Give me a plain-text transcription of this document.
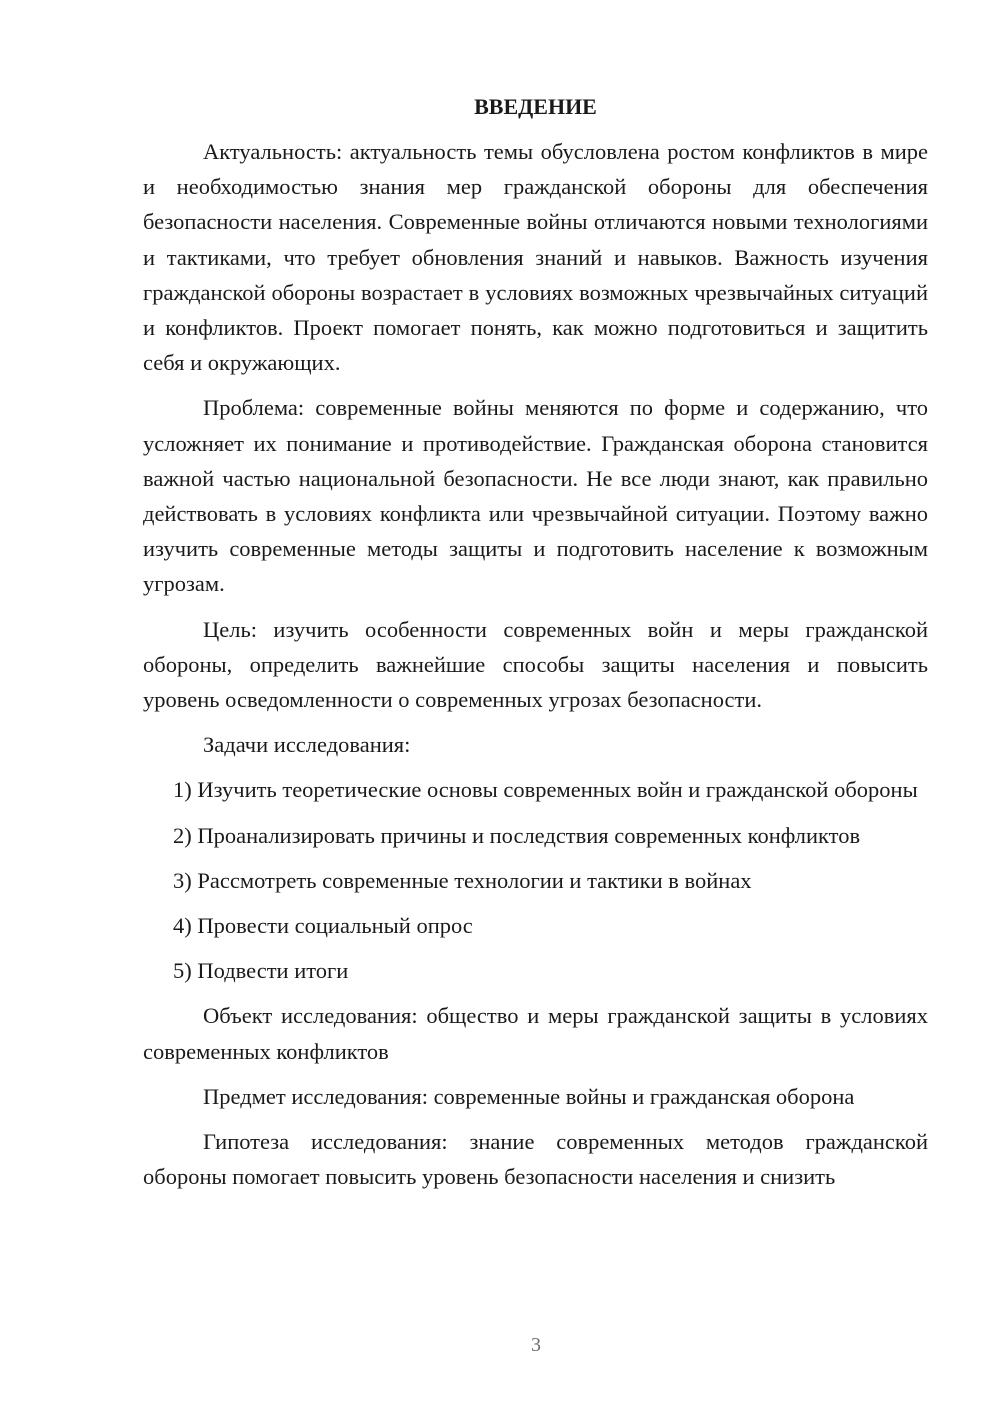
ВВЕДЕНИЕ

Актуальность: актуальность темы обусловлена ростом конфликтов в мире и необходимостью знания мер гражданской обороны для обеспечения безопасности населения. Современные войны отличаются новыми технологиями и тактиками, что требует обновления знаний и навыков. Важность изучения гражданской обороны возрастает в условиях возможных чрезвычайных ситуаций и конфликтов. Проект помогает понять, как можно подготовиться и защитить себя и окружающих.

Проблема: современные войны меняются по форме и содержанию, что усложняет их понимание и противодействие. Гражданская оборона становится важной частью национальной безопасности. Не все люди знают, как правильно действовать в условиях конфликта или чрезвычайной ситуации. Поэтому важно изучить современные методы защиты и подготовить население к возможным угрозам.

Цель: изучить особенности современных войн и меры гражданской обороны, определить важнейшие способы защиты населения и повысить уровень осведомленности о современных угрозах безопасности.

Задачи исследования:

1) Изучить теоретические основы современных войн и гражданской обороны

2) Проанализировать причины и последствия современных конфликтов

3) Рассмотреть современные технологии и тактики в войнах

4) Провести социальный опрос

5) Подвести итоги

Объект исследования: общество и меры гражданской защиты в условиях современных конфликтов

Предмет исследования: современные войны и гражданская оборона

Гипотеза исследования: знание современных методов гражданской обороны помогает повысить уровень безопасности населения и снизить

3
